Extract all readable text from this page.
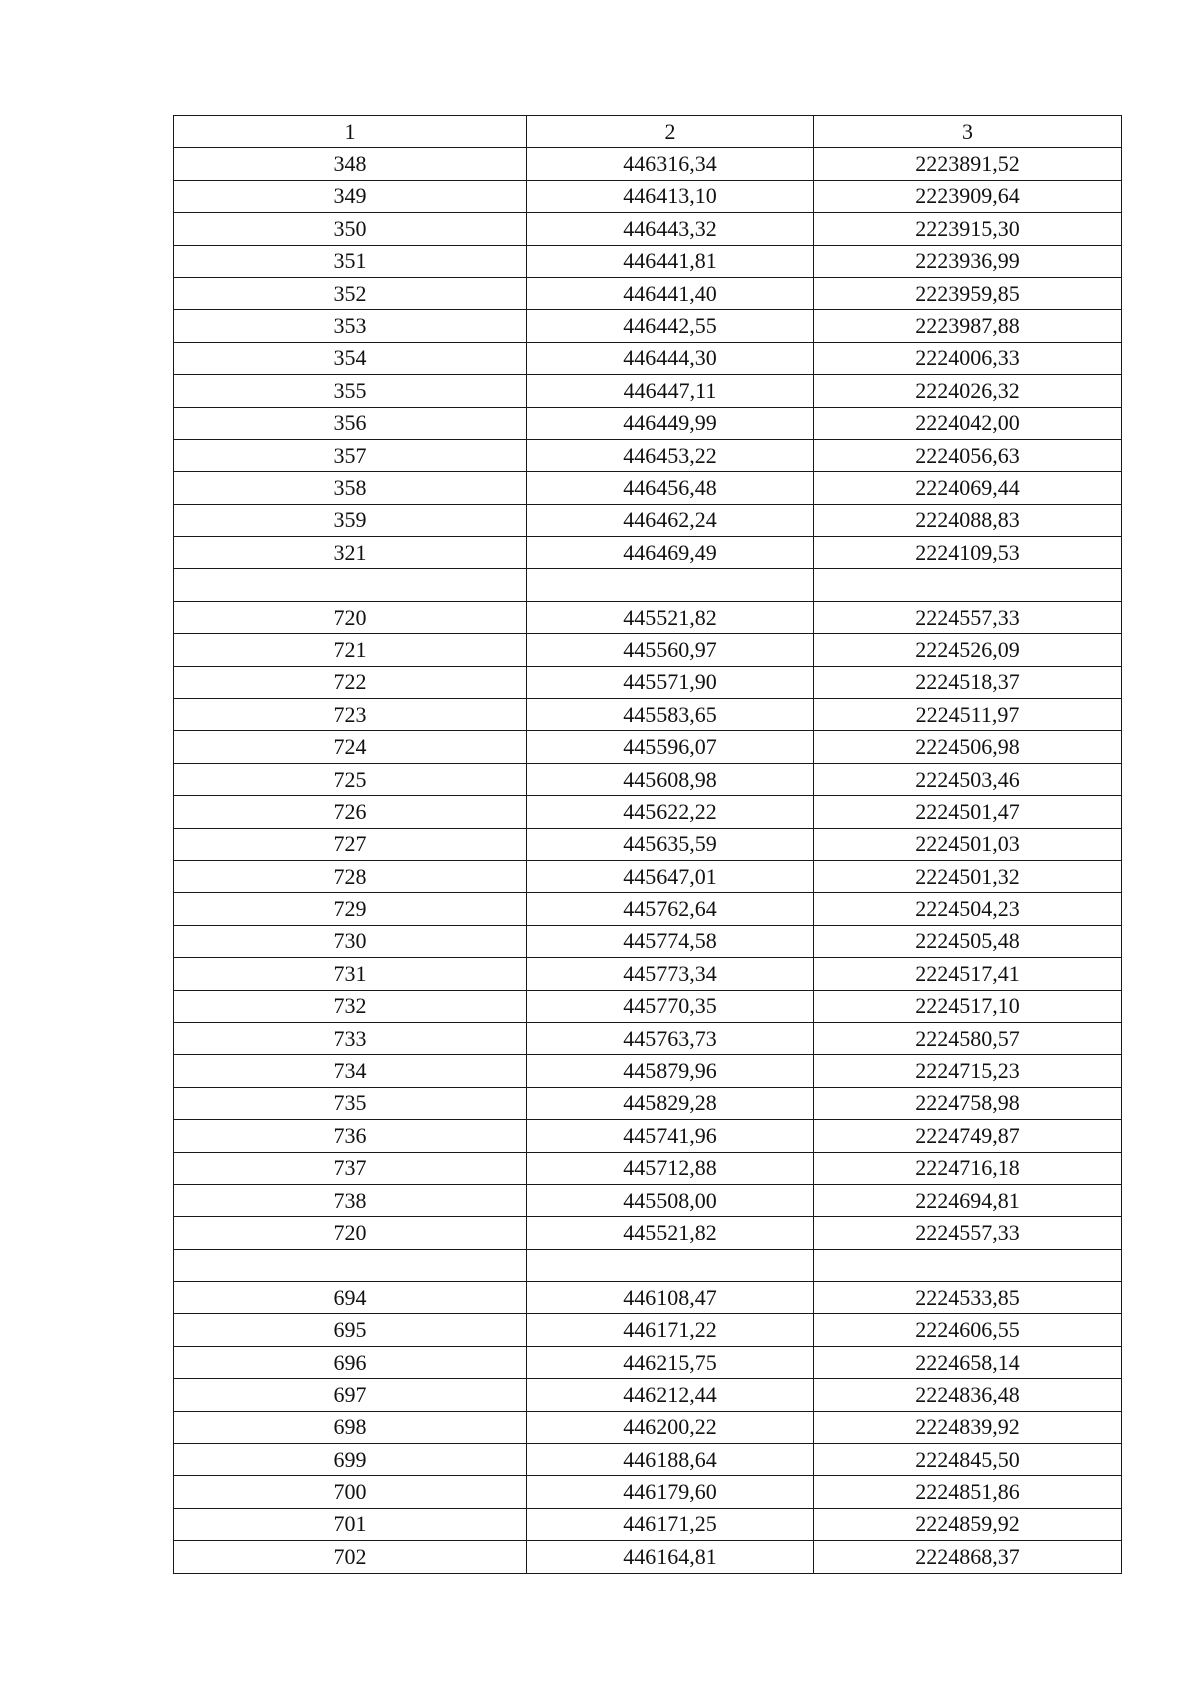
1	2	3
348	446316,34	2223891,52
349	446413,10	2223909,64
350	446443,32	2223915,30
351	446441,81	2223936,99
352	446441,40	2223959,85
353	446442,55	2223987,88
354	446444,30	2224006,33
355	446447,11	2224026,32
356	446449,99	2224042,00
357	446453,22	2224056,63
358	446456,48	2224069,44
359	446462,24	2224088,83
321	446469,49	2224109,53

720	445521,82	2224557,33
721	445560,97	2224526,09
722	445571,90	2224518,37
723	445583,65	2224511,97
724	445596,07	2224506,98
725	445608,98	2224503,46
726	445622,22	2224501,47
727	445635,59	2224501,03
728	445647,01	2224501,32
729	445762,64	2224504,23
730	445774,58	2224505,48
731	445773,34	2224517,41
732	445770,35	2224517,10
733	445763,73	2224580,57
734	445879,96	2224715,23
735	445829,28	2224758,98
736	445741,96	2224749,87
737	445712,88	2224716,18
738	445508,00	2224694,81
720	445521,82	2224557,33

694	446108,47	2224533,85
695	446171,22	2224606,55
696	446215,75	2224658,14
697	446212,44	2224836,48
698	446200,22	2224839,92
699	446188,64	2224845,50
700	446179,60	2224851,86
701	446171,25	2224859,92
702	446164,81	2224868,37
